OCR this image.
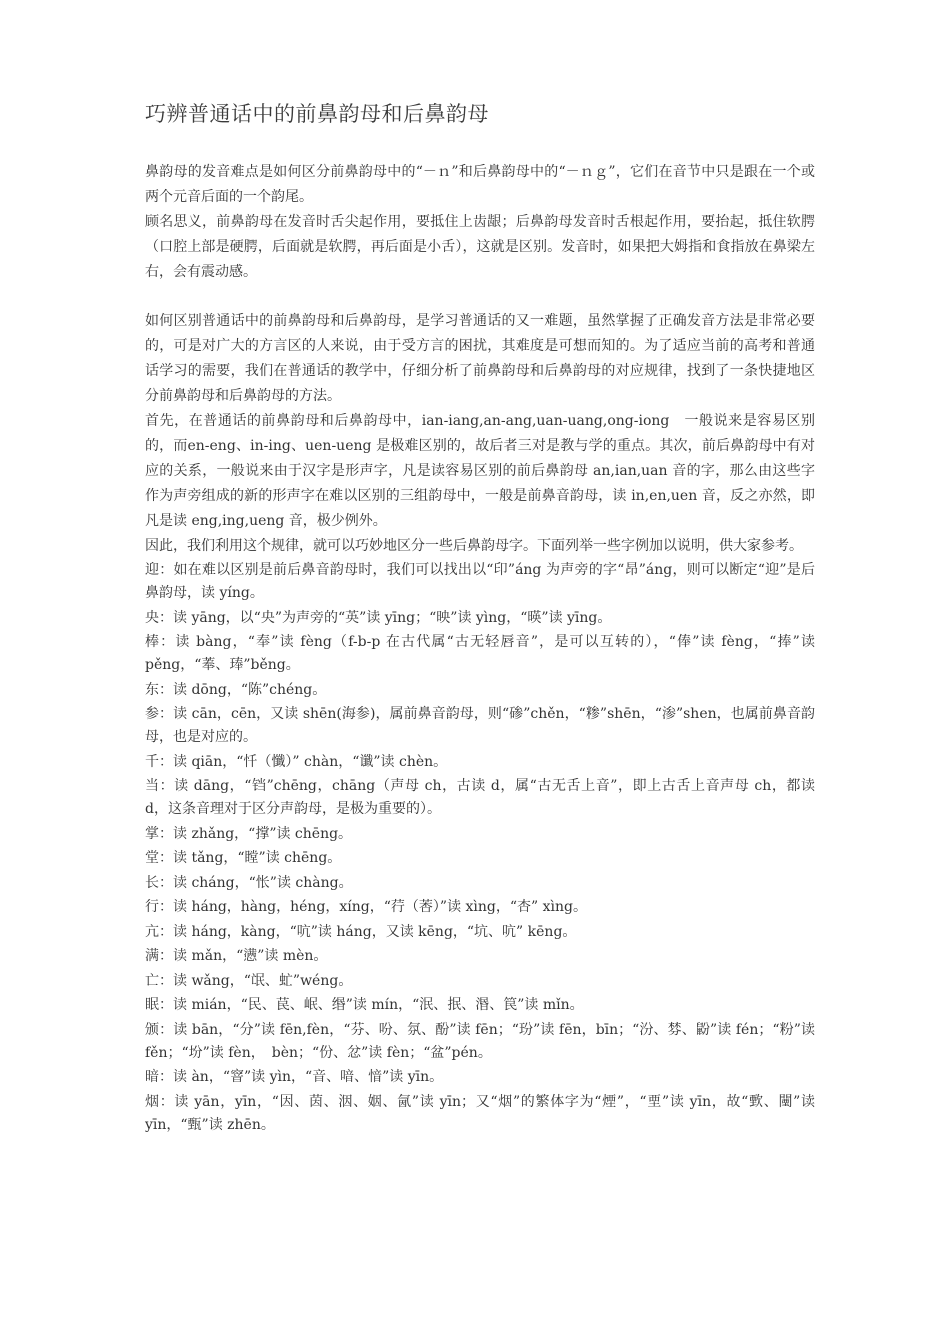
巧辨普通话中的前鼻韵母和后鼻韵母

鼻韵母的发音难点是如何区分前鼻韵母中的“－ｎ”和后鼻韵母中的“－ｎｇ”，它们在音节中只是跟在一个或两个元音后面的一个韵尾。

顾名思义，前鼻韵母在发音时舌尖起作用，要抵住上齿龈；后鼻韵母发音时舌根起作用，要抬起，抵住软腭（口腔上部是硬腭，后面就是软腭，再后面是小舌），这就是区别。发音时，如果把大姆指和食指放在鼻梁左右，会有震动感。

如何区别普通话中的前鼻韵母和后鼻韵母，是学习普通话的又一难题，虽然掌握了正确发音方法是非常必要的，可是对广大的方言区的人来说，由于受方言的困扰，其难度是可想而知的。为了适应当前的高考和普通话学习的需要，我们在普通话的教学中，仔细分析了前鼻韵母和后鼻韵母的对应规律，找到了一条快捷地区分前鼻韵母和后鼻韵母的方法。

首先，在普通话的前鼻韵母和后鼻韵母中，ian-iang,an-ang,uan-uang,ong-iong　一般说来是容易区别的，而en-eng、in-ing、uen-ueng 是极难区别的，故后者三对是教与学的重点。其次，前后鼻韵母中有对应的关系，一般说来由于汉字是形声字，凡是读容易区别的前后鼻韵母 an,ian,uan 音的字，那么由这些字作为声旁组成的新的形声字在难以区别的三组韵母中，一般是前鼻音韵母，读 in,en,uen 音，反之亦然，即凡是读 eng,ing,ueng 音，极少例外。

因此，我们利用这个规律，就可以巧妙地区分一些后鼻韵母字。下面列举一些字例加以说明，供大家参考。

迎：如在难以区别是前后鼻音韵母时，我们可以找出以“印”áng 为声旁的字“昂”áng，则可以断定“迎”是后鼻韵母，读 yíng。

央：读 yāng，以“央”为声旁的“英”读 yīng；“映”读 yìng，“暎”读 yīng。

棒：读 bàng，“奉”读 fèng（f-b-p 在古代属“古无轻唇音”，是可以互转的），“俸”读 fèng，“捧”读 pěng，“菶、琫”běng。

东：读 dōng，“陈”chéng。

参：读 cān，cēn，又读 shēn(海参)，属前鼻音韵母，则“碜”chěn，“糁”shēn，“渗”shen，也属前鼻音韵母，也是对应的。

千：读 qiān，“忏（懺）” chàn，“谶”读 chèn。

当：读 dāng，“铛”chēng，chāng（声母 ch，古读 d，属“古无舌上音”，即上古舌上音声母 ch，都读 d，这条音理对于区分声韵母，是极为重要的）。

掌：读 zhǎng，“撑”读 chēng。

堂：读 tǎng，“瞠”读 chēng。

长：读 cháng，“怅”读 chàng。

行：读 háng，hàng，héng，xíng，“荇（莕）”读 xìng，“杏” xìng。

亢：读 háng，kàng，“吭”读 háng，又读 kēng，“坑、吭” kēng。

满：读 mǎn，“懑”读 mèn。

亡：读 wǎng，“氓、虻”wéng。

眠：读 mián，“民、苠、岷、缗”读 mín，“泯、抿、湣、笢”读 mǐn。

颁：读 bān，“分”读 fēn,fèn，“芬、吩、氛、酚”读 fēn；“玢”读 fēn，bīn；“汾、棼、鼢”读 fén；“粉”读 fěn；“坋”读 fèn，　bèn；“份、忿”读 fèn；“盆”pén。

暗：读 àn，“窨”读 yìn，“音、喑、愔”读 yīn。

烟：读 yān，yīn，“因、茵、洇、姻、氤”读 yīn；又“烟”的繁体字为“煙”，“垔”读 yīn，故“歅、闉”读 yīn，“甄”读 zhēn。
